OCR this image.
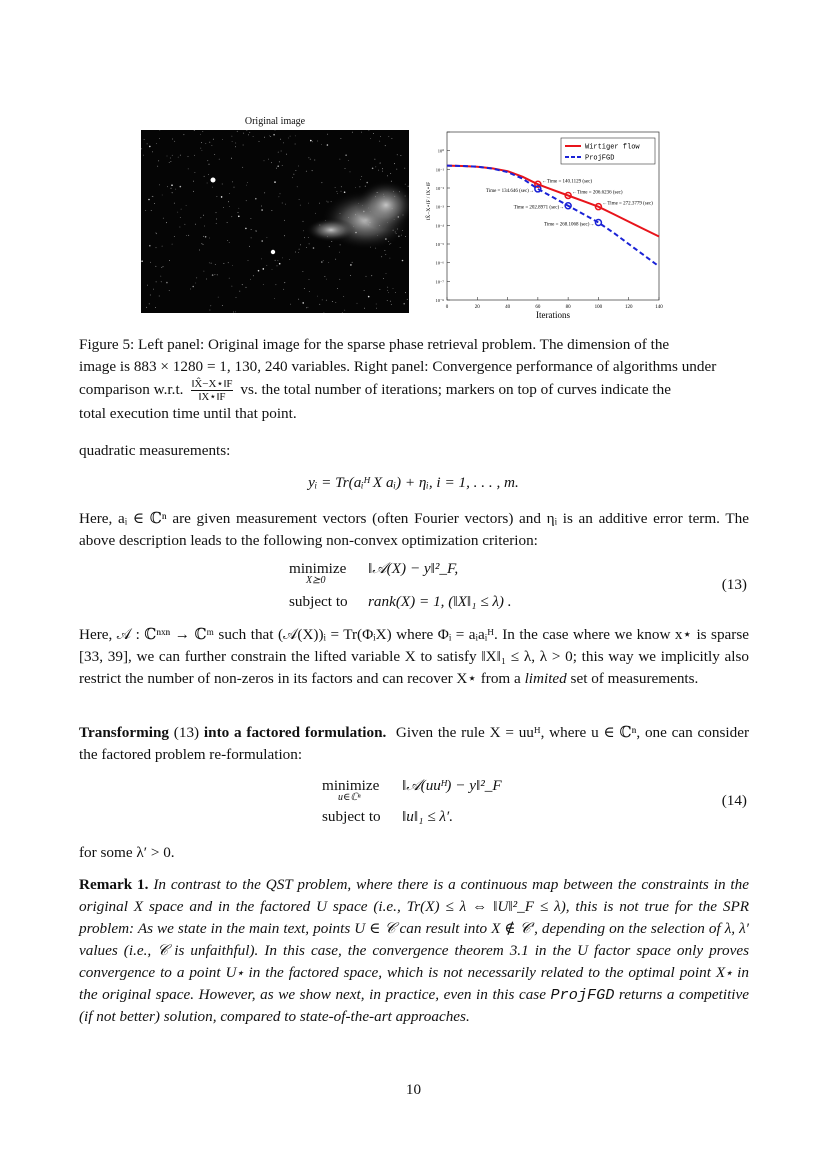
Original image
0	20	40	60	80	100	120	140
10⁰
10⁻¹
10⁻²
10⁻³
10⁻⁴
10⁻⁵
10⁻⁶
10⁻⁷
10⁻⁸
Iterations
‖X̂−X⋆‖F / ‖X⋆‖F	←Time = 140.1129 (sec)
←Time = 206.6236 (sec)
←Time = 272.3779 (sec)
Time = 134.646 (sec)→
Time = 202.8971 (sec)→
Time = 268.1068 (sec)→
Wirtiger flow
ProjFGD
Figure 5: Left panel: Original image for the sparse phase retrieval problem. The dimension of the
image is 883 × 1280 = 1, 130, 240 variables. Right panel: Convergence performance of algorithms under
comparison w.r.t. $\frac{‖X̂-X⋆‖F}{‖X⋆‖F}$ vs. the total number of iterations; markers on top of curves indicate the
total execution time until that point.
quadratic measurements:
yᵢ = Tr(aᵢᴴ X aᵢ) + ηᵢ, i = 1, . . . , m.
Here, aᵢ ∈ ℂⁿ are given measurement vectors (often Fourier vectors) and ηᵢ is an additive error term. The above description leads to the following non-convex optimization criterion:
minimize
X⪰0
‖𝒜(X) − y‖²_F,
subject to rank(X) = 1, (‖X‖₁ ≤ λ) .
(13)
Here, 𝒜 : ℂⁿˣⁿ → ℂᵐ such that (𝒜(X))ᵢ = Tr(ΦᵢX) where Φᵢ = aᵢaᵢᴴ. In the case where we know x⋆ is sparse [33, 39], we can further constrain the lifted variable X to satisfy ‖X‖₁ ≤ λ, λ > 0; this way we implicitly also restrict the number of non-zeros in its factors and can recover X⋆ from a limited set of measurements.
Transforming (13) into a factored formulation. Given the rule X = uuᴴ, where u ∈ ℂⁿ, one can consider the factored problem re-formulation:
minimize
u∈ℂⁿ
‖𝒜(uuᴴ) − y‖²_F
subject to ‖u‖₁ ≤ λ′.
(14)
for some λ′ > 0.
Remark 1. In contrast to the QST problem, where there is a continuous map between the constraints in the original X space and in the factored U space (i.e., Tr(X) ≤ λ ⇔ ‖U‖²_F ≤ λ), this is not true for the SPR problem: As we state in the main text, points U ∈ 𝒞 can result into X ∉ 𝒞′, depending on the selection of λ, λ′ values (i.e., 𝒞 is unfaithful). In this case, the convergence theorem 3.1 in the U factor space only proves convergence to a point U⋆ in the factored space, which is not necessarily related to the optimal point X⋆ in the original space. However, as we show next, in practice, even in this case ProjFGD returns a competitive (if not better) solution, compared to state-of-the-art approaches.
10
